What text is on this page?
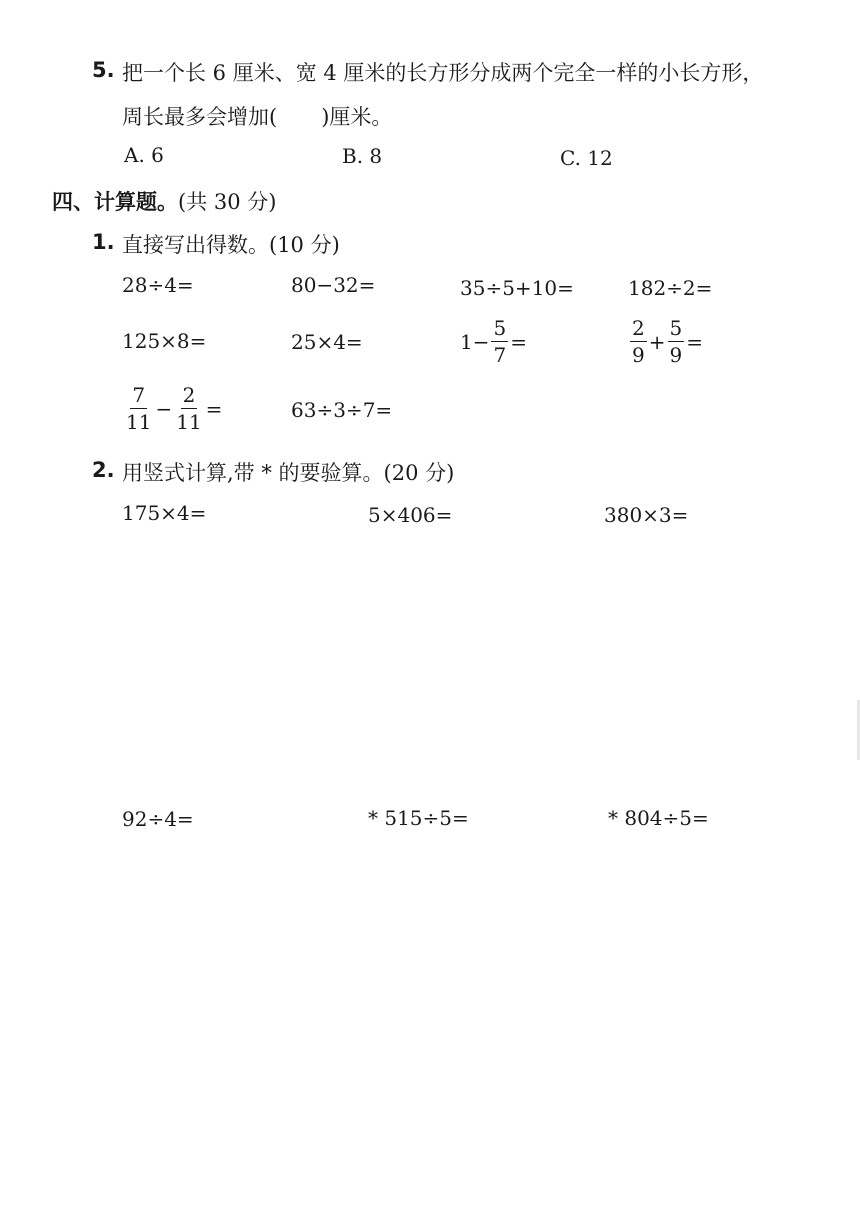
5. 把一个长 6 厘米、宽 4 厘米的长方形分成两个完全一样的小长方形，
周长最多会增加( )厘米。
A. 6	B. 8	C. 12
四、计算题。(共 30 分)
1. 直接写出得数。(10 分)
28÷4=	80−32=	35÷5+10=	182÷2=
125×8=	25×4=	$1- \frac{5}{7}$ =	$\frac{2}{9} + \frac{5}{9}$ =
$\frac{7}{11} - \frac{2}{11}$ =	63÷3÷7=
2. 用竖式计算,带 * 的要验算。(20 分)
175×4=	5×406=	380×3=
92÷4=	* 515÷5=	* 804÷5=
